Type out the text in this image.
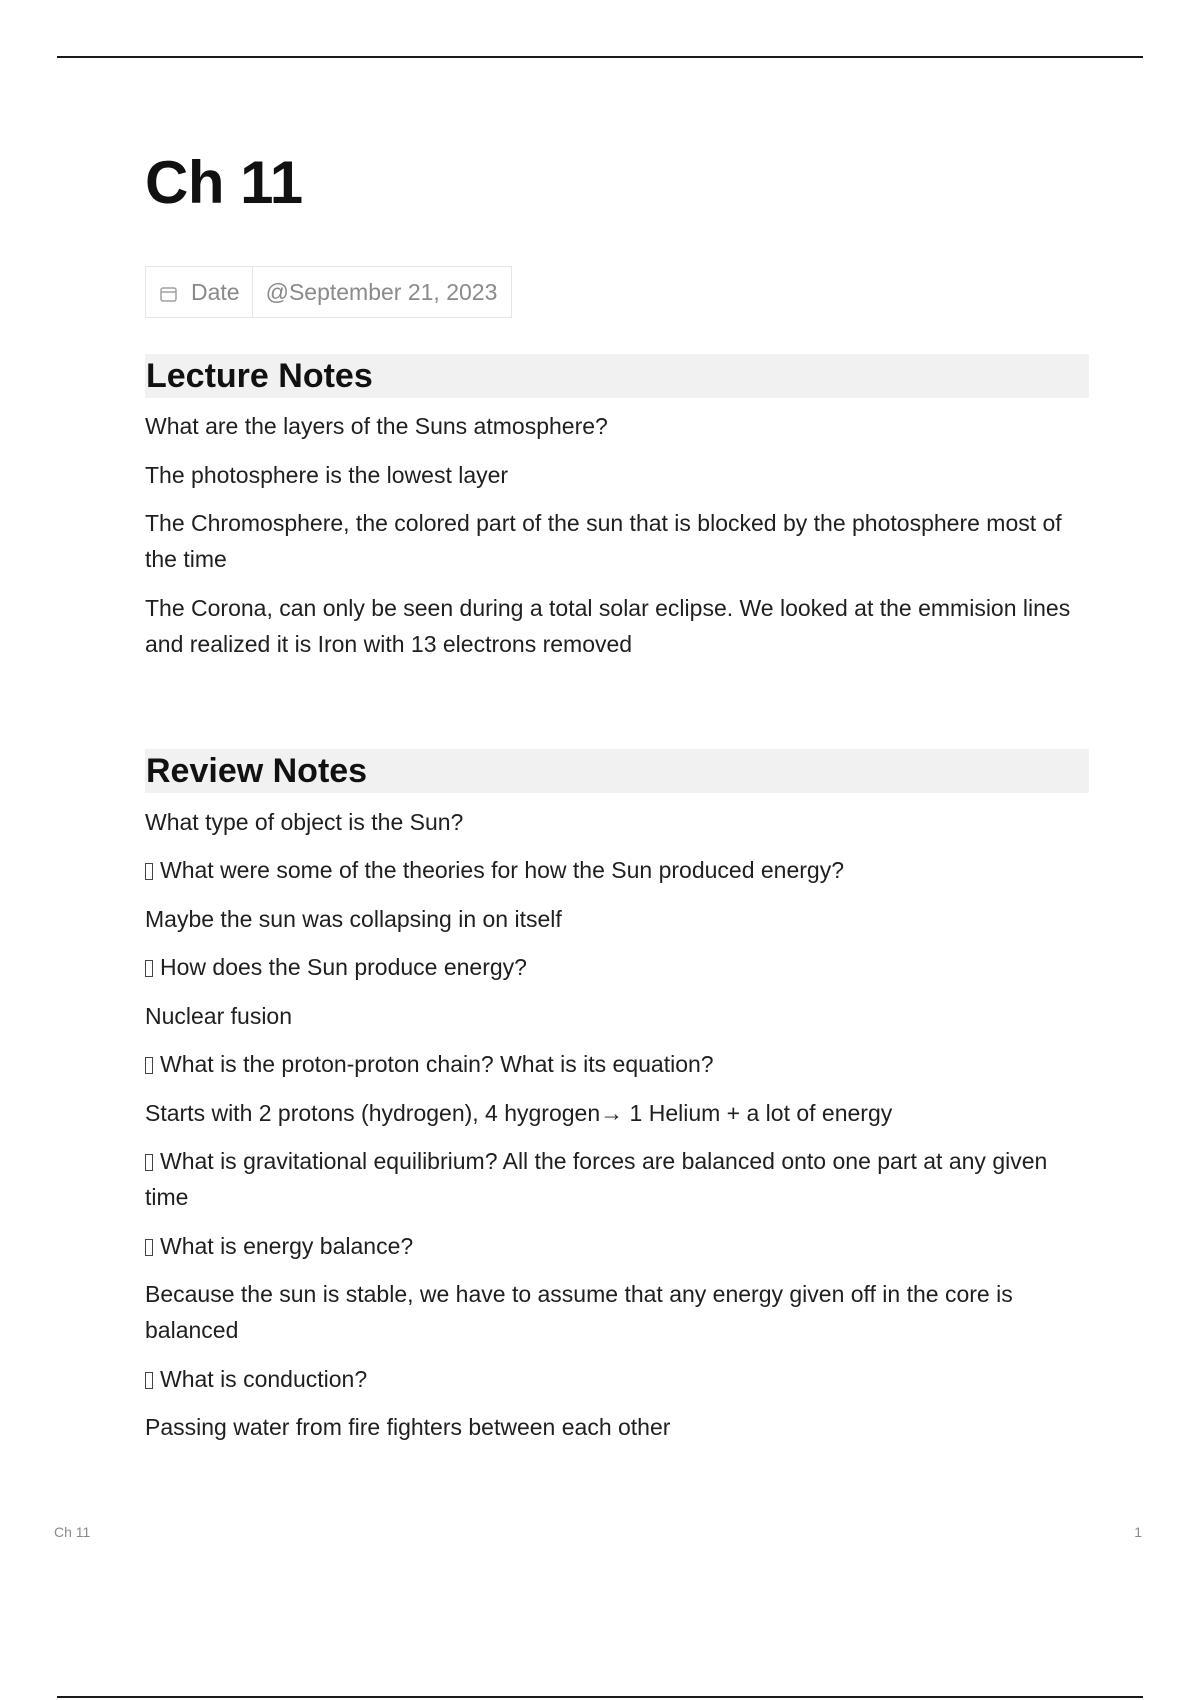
Ch 11
Date	@September 21, 2023
Lecture Notes

What are the layers of the Suns atmosphere?

The photosphere is the lowest layer

The Chromosphere, the colored part of the sun that is blocked by the photosphere most of the time

The Corona, can only be seen during a total solar eclipse. We looked at the emmision lines and realized it is Iron with 13 electrons removed

Review Notes

What type of object is the Sun?

What were some of the theories for how the Sun produced energy?

Maybe the sun was collapsing in on itself

How does the Sun produce energy?

Nuclear fusion

What is the proton-proton chain? What is its equation?

Starts with 2 protons (hydrogen), 4 hygrogen→ 1 Helium + a lot of energy

What is gravitational equilibrium? All the forces are balanced onto one part at any given time

What is energy balance?

Because the sun is stable, we have to assume that any energy given off in the core is balanced

What is conduction?

Passing water from fire fighters between each other

Ch 11	1
